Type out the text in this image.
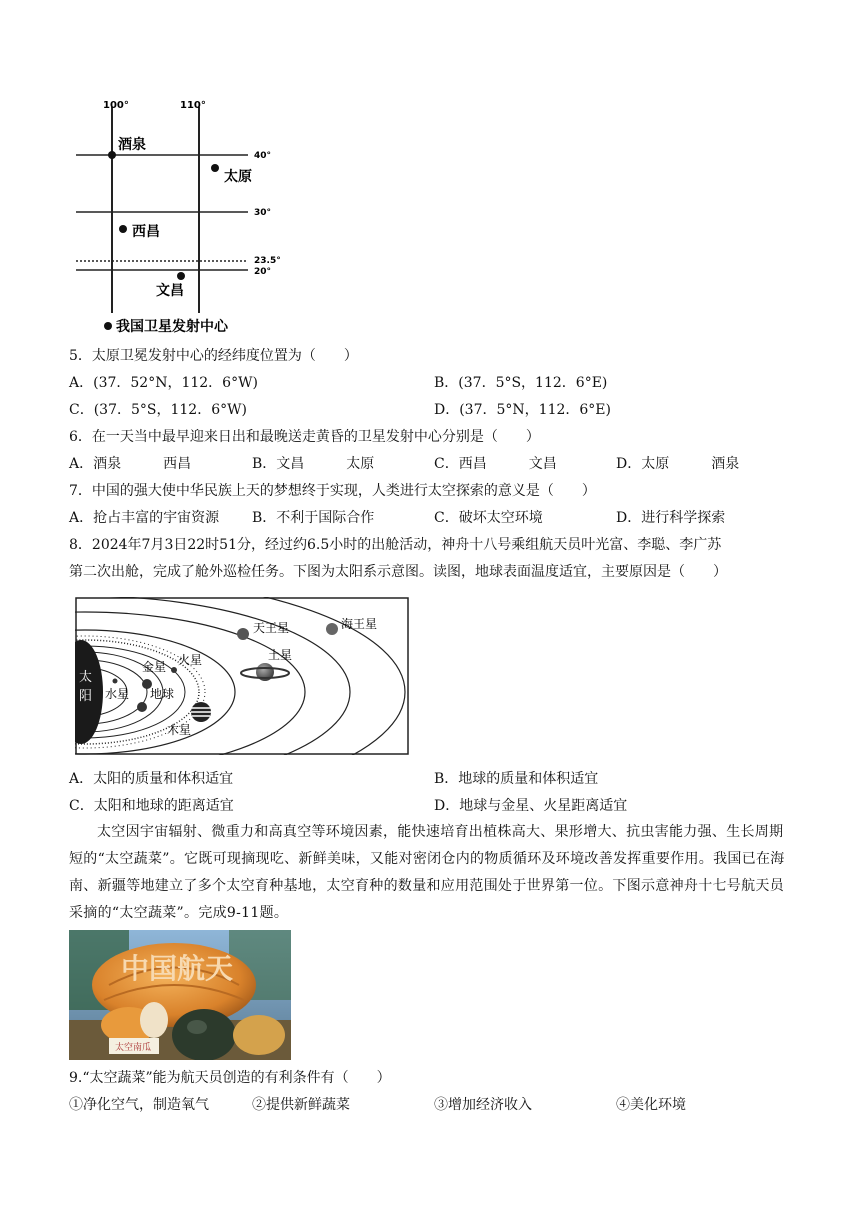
100°	110°
40°
30°
23.5°
20°
酒泉
太原
西昌
文昌
我国卫星发射中心
5．太原卫冕发射中心的经纬度位置为（　　）
A．(37．52°N，112．6°W)	B．(37．5°S，112．6°E)
C．(37．5°S，112．6°W)	D．(37．5°N，112．6°E)
6．在一天当中最早迎来日出和最晚送走黄昏的卫星发射中心分别是（　　）
A．酒泉　　　西昌	B．文昌　　　太原	C．西昌　　　文昌	D．太原　　　酒泉
7．中国的强大使中华民族上天的梦想终于实现，人类进行太空探索的意义是（　　）
A．抢占丰富的宇宙资源 B．不利于国际合作	C．破坏太空环境	D．进行科学探索
8．2024年7月3日22时51分，经过约6.5小时的出舱活动，神舟十八号乘组航天员叶光富、李聪、李广苏
第二次出舱，完成了舱外巡检任务。下图为太阳系示意图。读图，地球表面温度适宜，主要原因是（　　）
太
阳 水星
金星
地球
火星
木星
土星
天王星	海王星
A．太阳的质量和体积适宜	B．地球的质量和体积适宜
C．太阳和地球的距离适宜	D．地球与金星、火星距离适宜
太空因宇宙辐射、微重力和高真空等环境因素，能快速培育出植株高大、果形增大、抗虫害能力强、生长周期短的“太空蔬菜”。它既可现摘现吃、新鲜美味，又能对密闭仓内的物质循环及环境改善发挥重要作用。我国已在海南、新疆等地建立了多个太空育种基地，太空育种的数量和应用范围处于世界第一位。下图示意神舟十七号航天员采摘的“太空蔬菜”。完成9-11题。
中国航天
太空南瓜
9.“太空蔬菜”能为航天员创造的有利条件有（　　）
①净化空气，制造氧气	②提供新鲜蔬菜	③增加经济收入	④美化环境
